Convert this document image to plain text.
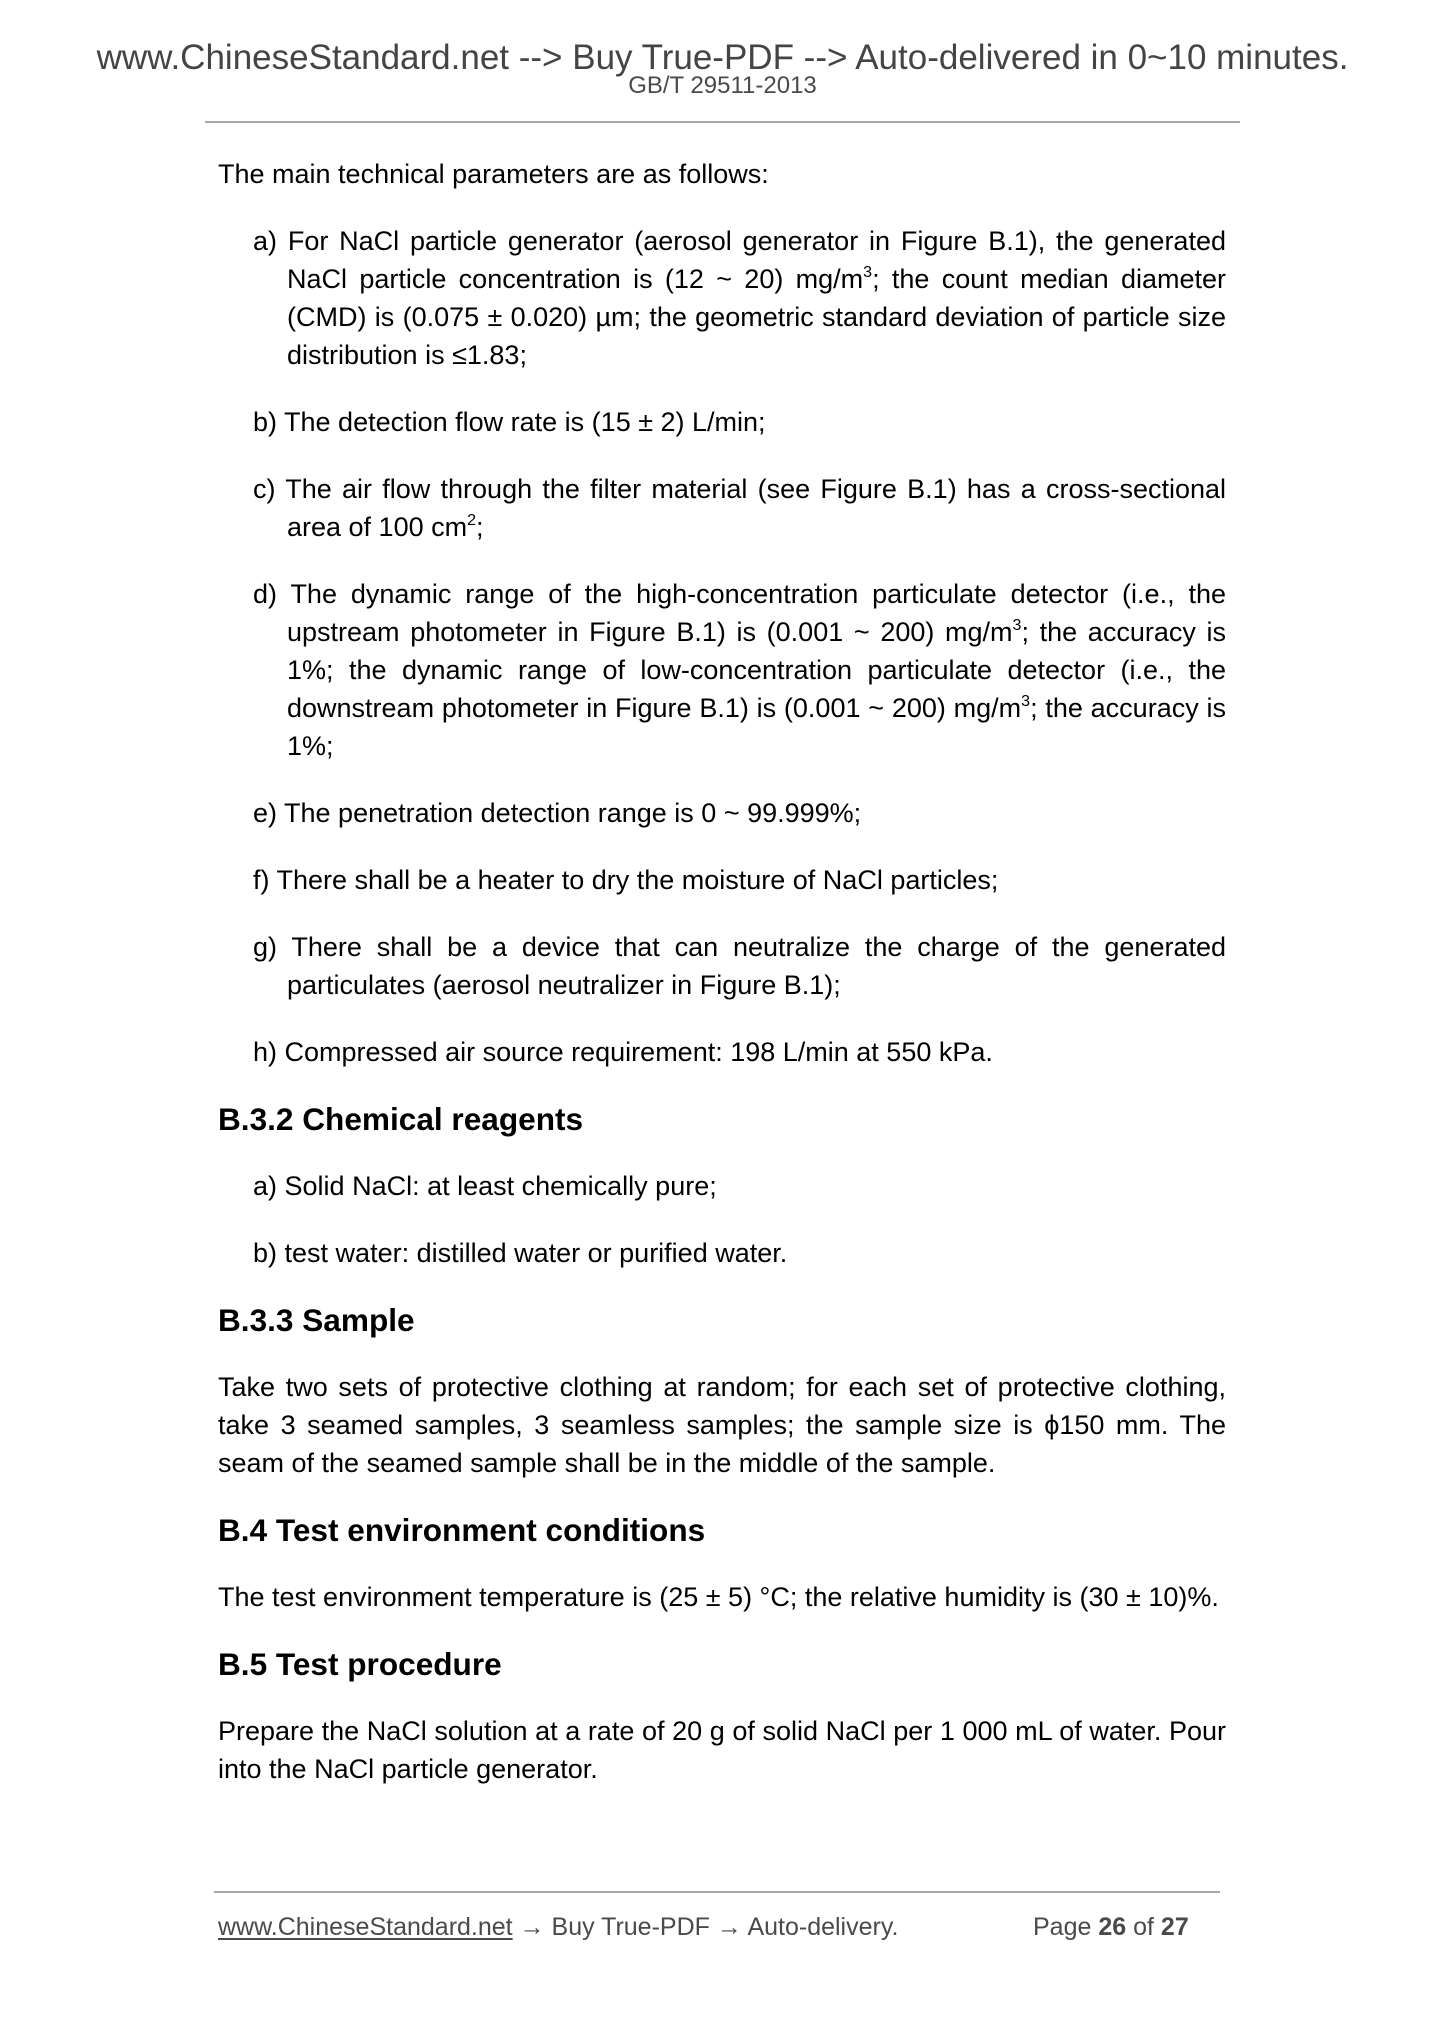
www.ChineseStandard.net --> Buy True-PDF --> Auto-delivered in 0~10 minutes.
GB/T 29511-2013

The main technical parameters are as follows:

a) For NaCl particle generator (aerosol generator in Figure B.1), the generated NaCl particle concentration is (12 ~ 20) $mg/m^3$; the count median diameter (CMD) is (0.075 ± 0.020) µm; the geometric standard deviation of particle size distribution is ≤1.83;

b) The detection flow rate is (15 ± 2) L/min;

c) The air flow through the filter material (see Figure B.1) has a cross-sectional area of 100 $cm^2$;

d) The dynamic range of the high-concentration particulate detector (i.e., the upstream photometer in Figure B.1) is (0.001 ~ 200) $mg/m^3$; the accuracy is 1%; the dynamic range of low-concentration particulate detector (i.e., the downstream photometer in Figure B.1) is (0.001 ~ 200) $mg/m^3$; the accuracy is 1%;

e) The penetration detection range is 0 ~ 99.999%;

f) There shall be a heater to dry the moisture of NaCl particles;

g) There shall be a device that can neutralize the charge of the generated particulates (aerosol neutralizer in Figure B.1);

h) Compressed air source requirement: 198 L/min at 550 kPa.

B.3.2 Chemical reagents

a) Solid NaCl: at least chemically pure;

b) test water: distilled water or purified water.

B.3.3 Sample

Take two sets of protective clothing at random; for each set of protective clothing, take 3 seamed samples, 3 seamless samples; the sample size is ϕ150 mm. The seam of the seamed sample shall be in the middle of the sample.

B.4 Test environment conditions

The test environment temperature is (25 ± 5) °C; the relative humidity is (30 ± 10)%.

B.5 Test procedure

Prepare the NaCl solution at a rate of 20 g of solid NaCl per 1 000 mL of water. Pour into the NaCl particle generator.

www.ChineseStandard.net → Buy True-PDF → Auto-delivery.	Page 26 of 27
